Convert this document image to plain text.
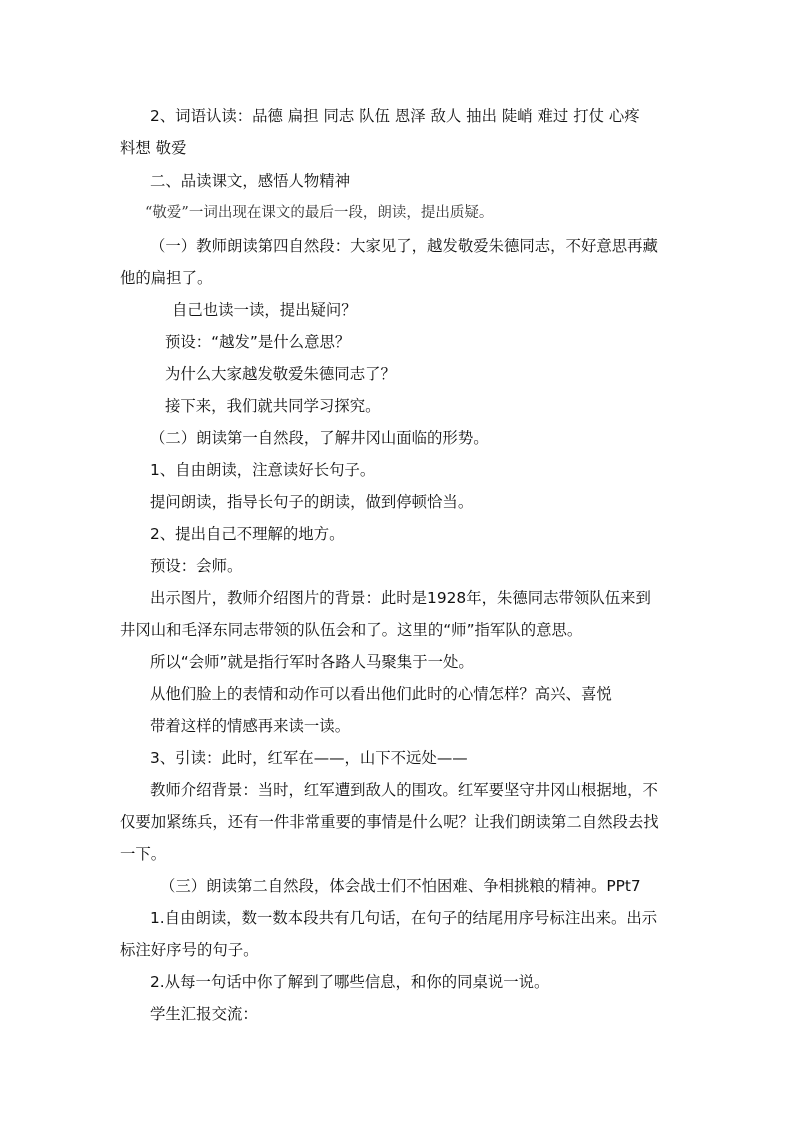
2、词语认读：品德 扁担 同志 队伍 恩泽 敌人 抽出 陡峭 难过 打仗 心疼
料想 敬爱
二、品读课文，感悟人物精神
“敬爱”一词出现在课文的最后一段，朗读，提出质疑。
（一）教师朗读第四自然段：大家见了，越发敬爱朱德同志，不好意思再藏
他的扁担了。
自己也读一读，提出疑问？
预设：“越发”是什么意思？
为什么大家越发敬爱朱德同志了？
接下来，我们就共同学习探究。
（二）朗读第一自然段，了解井冈山面临的形势。
1、自由朗读，注意读好长句子。
提问朗读，指导长句子的朗读，做到停顿恰当。
2、提出自己不理解的地方。
预设：会师。
出示图片，教师介绍图片的背景：此时是1928年，朱德同志带领队伍来到
井冈山和毛泽东同志带领的队伍会和了。这里的“师”指军队的意思。
所以“会师”就是指行军时各路人马聚集于一处。
从他们脸上的表情和动作可以看出他们此时的心情怎样？高兴、喜悦
带着这样的情感再来读一读。
3、引读：此时，红军在——，山下不远处——
教师介绍背景：当时，红军遭到敌人的围攻。红军要坚守井冈山根据地，不
仅要加紧练兵，还有一件非常重要的事情是什么呢？让我们朗读第二自然段去找
一下。
（三）朗读第二自然段，体会战士们不怕困难、争相挑粮的精神。PPt7
1.自由朗读，数一数本段共有几句话，在句子的结尾用序号标注出来。出示
标注好序号的句子。
2.从每一句话中你了解到了哪些信息，和你的同桌说一说。
学生汇报交流：
